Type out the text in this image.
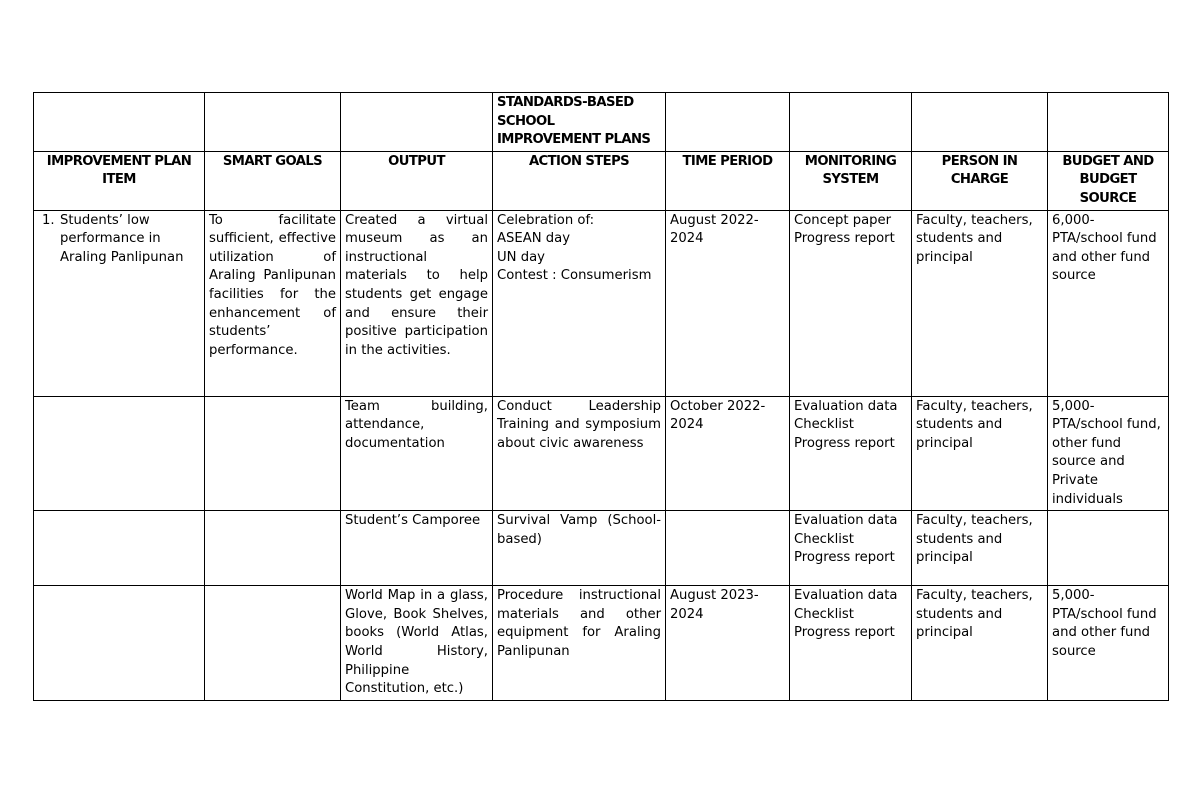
			STANDARDS-BASED
SCHOOL
IMPROVEMENT PLANS				

IMPROVEMENT PLAN
ITEM	SMART GOALS	OUTPUT	ACTION STEPS	TIME PERIOD	MONITORING
SYSTEM	PERSON IN
CHARGE	BUDGET AND
BUDGET
SOURCE

1. Students’ low performance in Araling Panlipunan	To facilitate sufficient, effective utilization of Araling Panlipunan facilities for the enhancement of students’ performance.	Created a virtual museum as an instructional materials to help students get engage and ensure their positive participation in the activities.	Celebration of:
ASEAN day
UN day
Contest : Consumerism	August 2022-2024	Concept paper
Progress report	Faculty, teachers, students and principal	6,000-PTA/school fund and other fund source
		Team building, attendance, documentation	Conduct Leadership Training and symposium about civic awareness	October 2022-2024	Evaluation data
Checklist
Progress report	Faculty, teachers, students and principal	5,000-PTA/school fund, other fund source and Private individuals
		Student’s Camporee	Survival Vamp (School-based)		Evaluation data
Checklist
Progress report	Faculty, teachers, students and principal	
		World Map in a glass, Glove, Book Shelves, books (World Atlas, World History, Philippine Constitution, etc.)	Procedure instructional materials and other equipment for Araling Panlipunan	August 2023-2024	Evaluation data
Checklist
Progress report	Faculty, teachers, students and principal	5,000-PTA/school fund and other fund source
